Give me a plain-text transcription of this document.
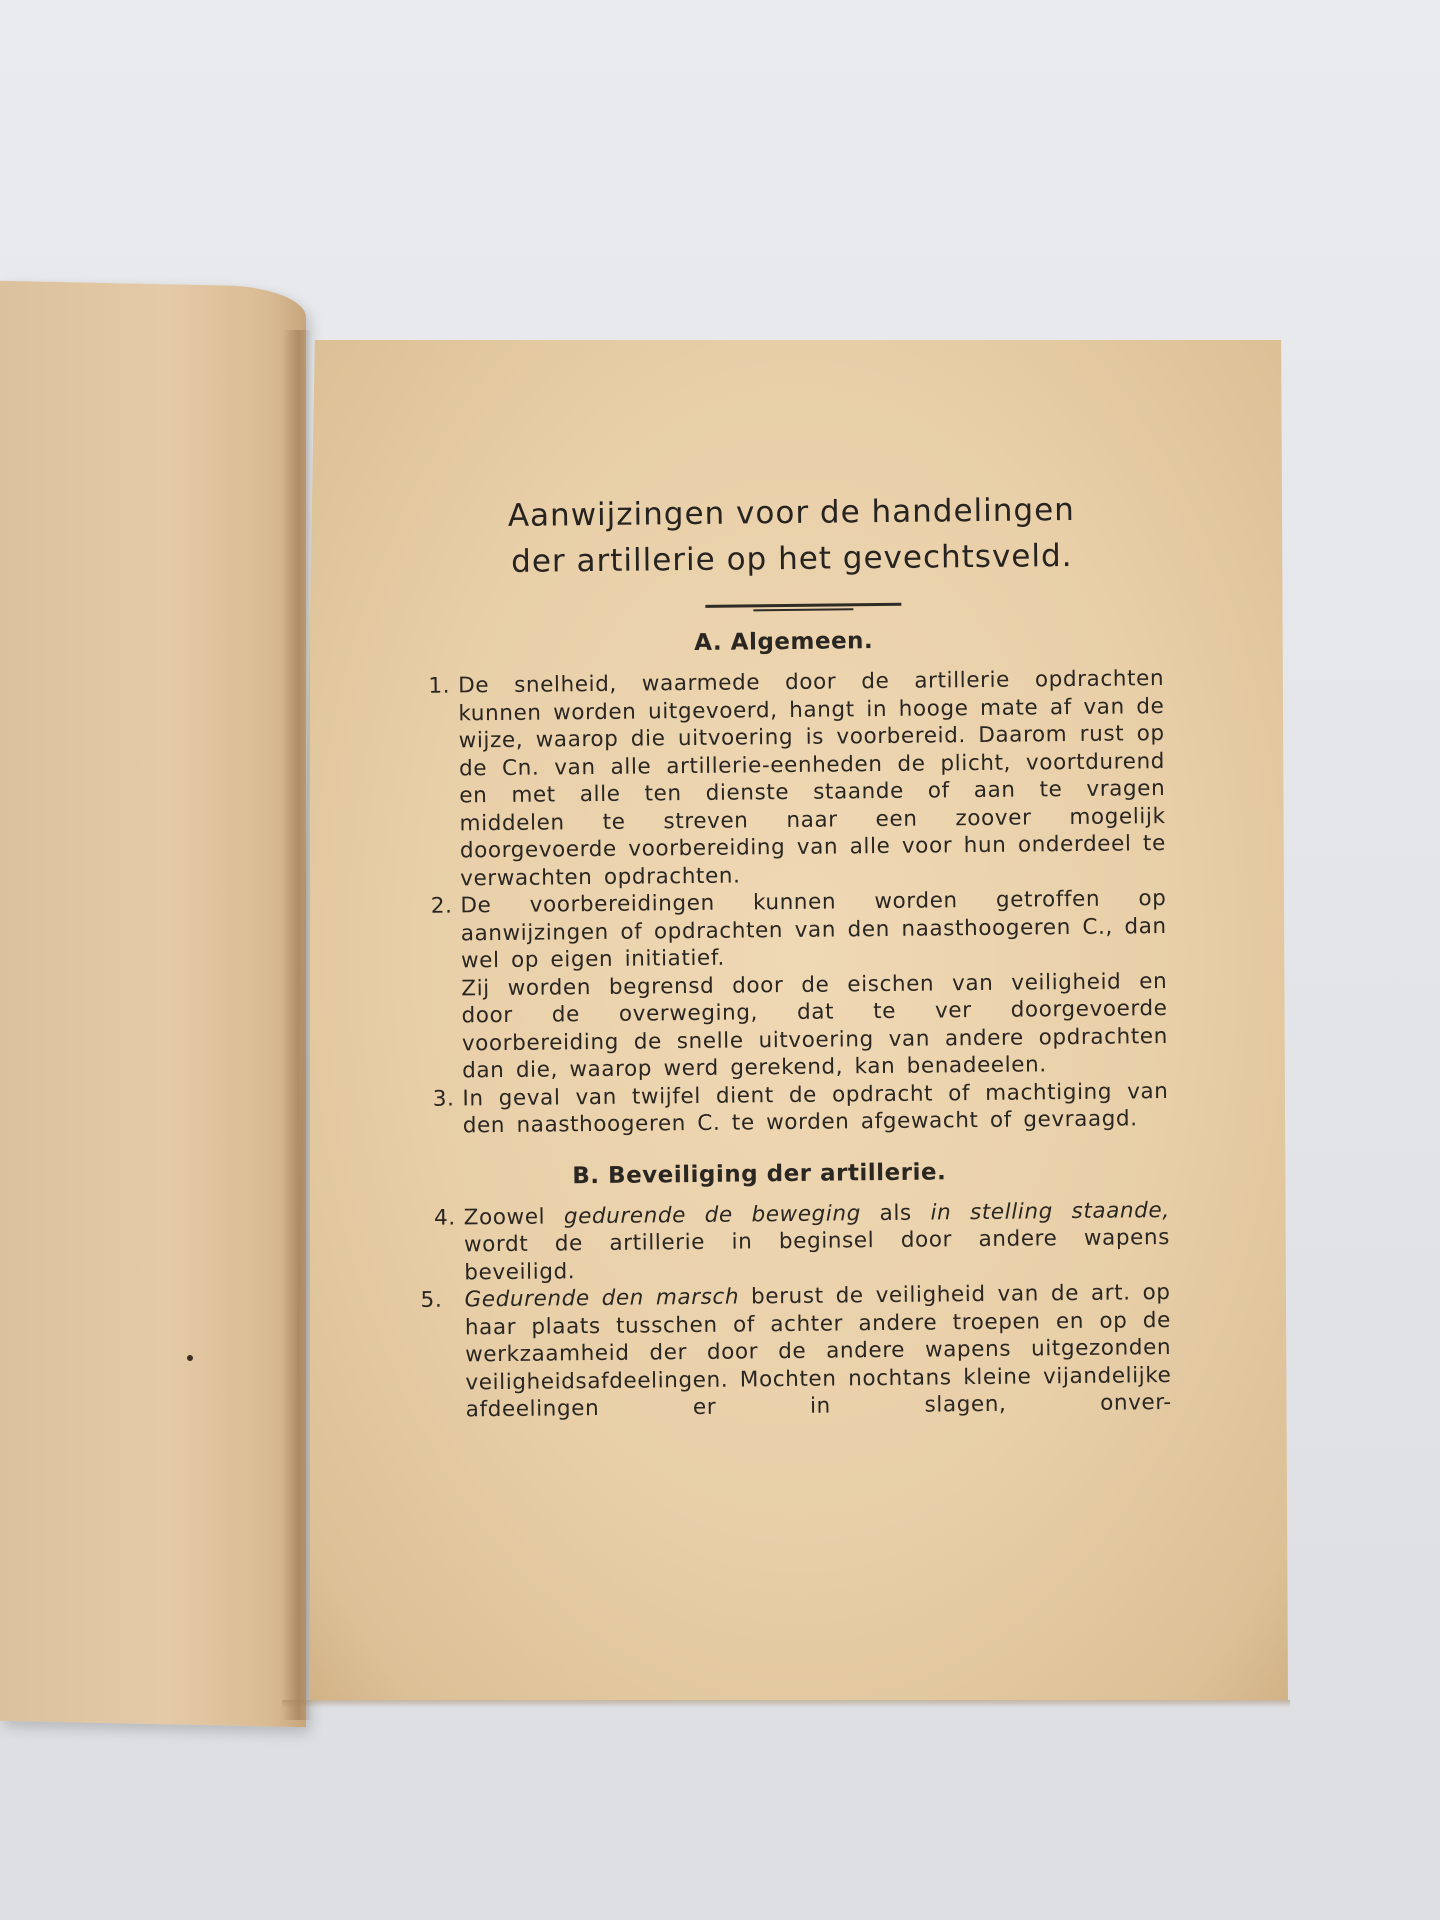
Aanwijzingen voor de handelingen
der artillerie op het gevechtsveld.
A. Algemeen.
1. De snelheid, waarmede door de artillerie opdrachten kunnen worden uitgevoerd, hangt in hooge mate af van de wijze, waarop die uitvoering is voorbereid. Daarom rust op de Cn. van alle artillerie-eenheden de plicht, voortdurend en met alle ten dienste staande of aan te vragen middelen te streven naar een zoover mogelijk doorgevoerde voorbereiding van alle voor hun onderdeel te verwachten opdrachten.

2. De voorbereidingen kunnen worden getroffen op aanwijzingen of opdrachten van den naasthoogeren C., dan wel op eigen initiatief.

Zij worden begrensd door de eischen van veiligheid en door de overweging, dat te ver doorgevoerde voorbereiding de snelle uitvoering van andere opdrachten dan die, waarop werd gerekend, kan benadeelen.

3. In geval van twijfel dient de opdracht of machtiging van den naasthoogeren C. te worden afgewacht of gevraagd.

B. Beveiliging der artillerie.
4. Zoowel gedurende de beweging als in stelling staande, wordt de artillerie in beginsel door andere wapens beveiligd.

5.	Gedurende den marsch berust de veiligheid van de art. op haar plaats tusschen of achter andere troepen en op de werkzaamheid der door de andere wapens uitgezonden veiligheidsafdeelingen. Mochten nochtans kleine vijandelijke afdeelingen er in slagen, onver-
